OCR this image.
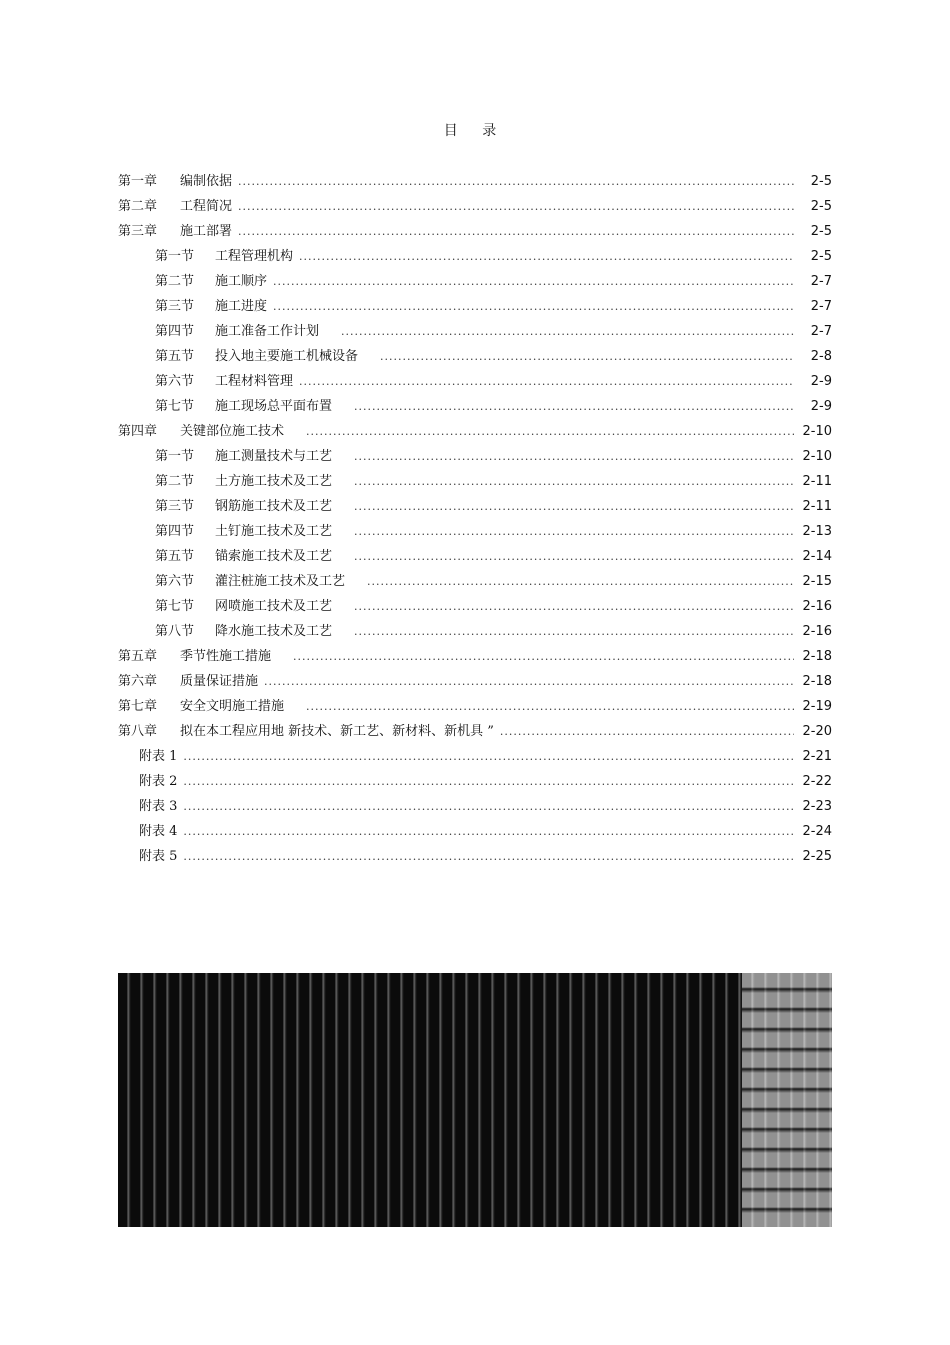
目 录
第一章	编制依据 .....	2-5
第二章	工程简况 .....	2-5
第三章	施工部署 .....	2-5
第一节	工程管理机构 .....	2-5
第二节	施工顺序 .....	2-7
第三节	施工进度 .....	2-7
第四节	施工准备工作计划 .....	2-7
第五节	投入地主要施工机械设备 .....	2-8
第六节	工程材料管理 .....	2-9
第七节	施工现场总平面布置 .....	2-9
第四章	关键部位施工技术 .....	2-10
第一节	施工测量技术与工艺 .....	2-10
第二节	土方施工技术及工艺 .....	2-11
第三节	钢筋施工技术及工艺 .....	2-11
第四节	土钉施工技术及工艺 .....	2-13
第五节	锚索施工技术及工艺 .....	2-14
第六节	灌注桩施工技术及工艺 .....	2-15
第七节	网喷施工技术及工艺 .....	2-16
第八节	降水施工技术及工艺 .....	2-16
第五章	季节性施工措施 .....	2-18
第六章	质量保证措施 .....	2-18
第七章	安全文明施工措施 .....	2-19
第八章	拟在本工程应用地 新技术、新工艺、新材料、新机具 ” .....	2-20
附表 1 .....	2-21
附表 2 .....	2-22
附表 3 .....	2-23
附表 4 .....	2-24
附表 5 .....	2-25
